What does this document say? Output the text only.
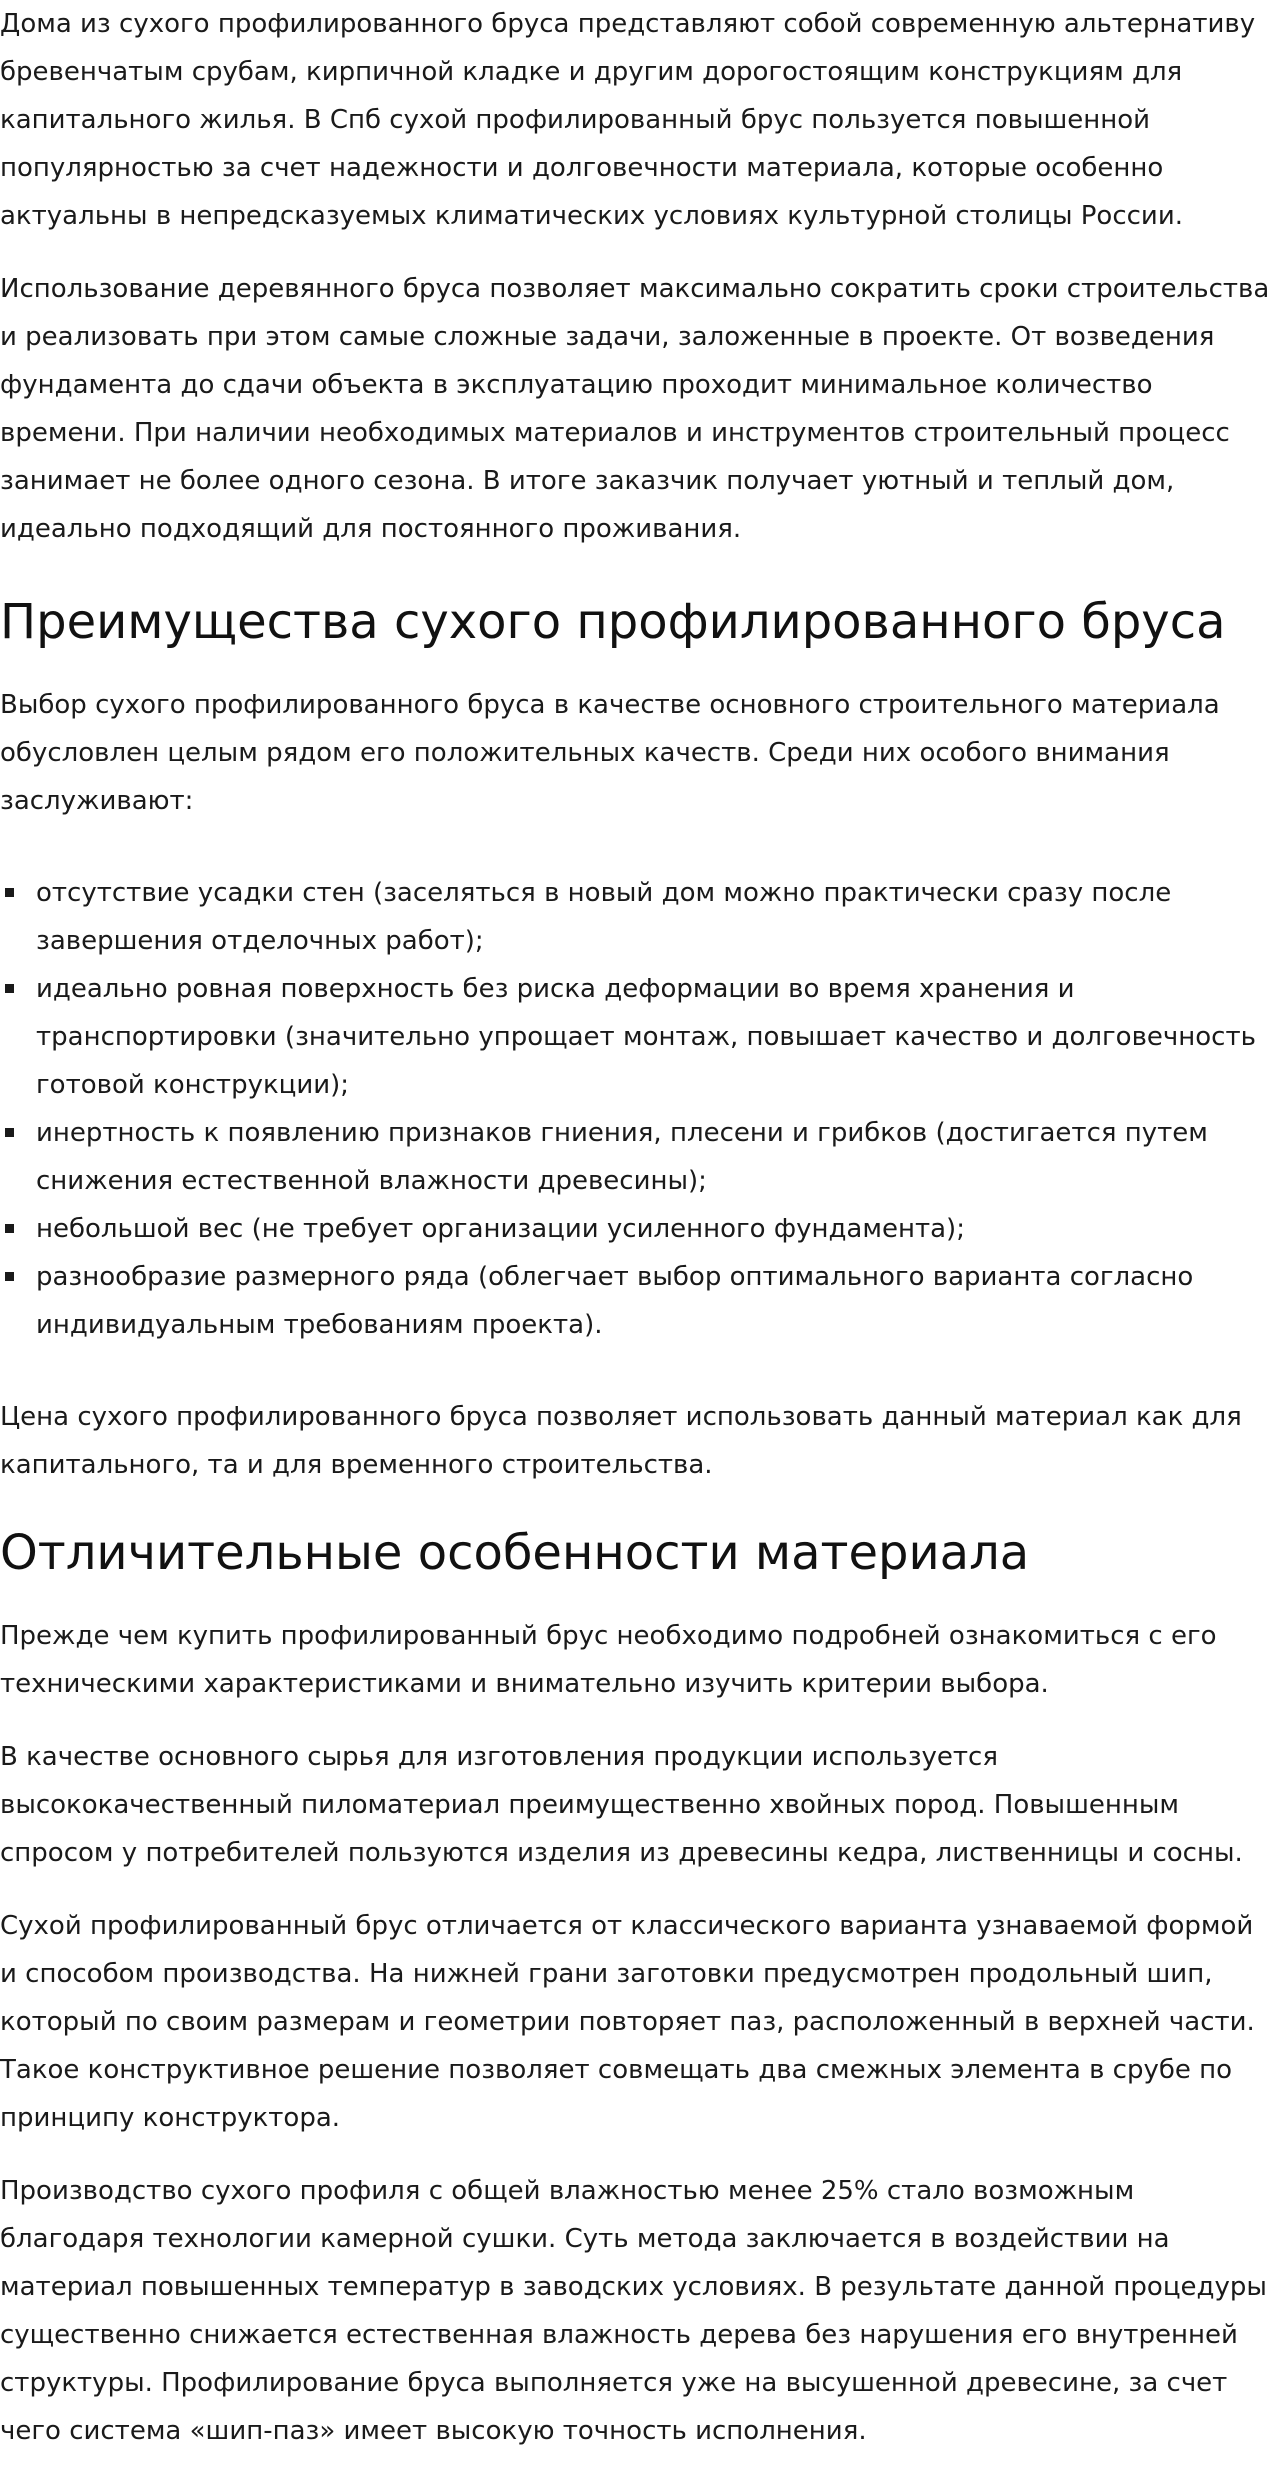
Дома из сухого профилированного бруса представляют собой современную альтернативу бревенчатым срубам, кирпичной кладке и другим дорогостоящим конструкциям для капитального жилья. В Спб сухой профилированный брус пользуется повышенной популярностью за счет надежности и долговечности материала, которые особенно актуальны в непредсказуемых климатических условиях культурной столицы России.

Использование деревянного бруса позволяет максимально сократить сроки строительства и реализовать при этом самые сложные задачи, заложенные в проекте. От возведения фундамента до сдачи объекта в эксплуатацию проходит минимальное количество времени. При наличии необходимых материалов и инструментов строительный процесс занимает не более одного сезона. В итоге заказчик получает уютный и теплый дом, идеально подходящий для постоянного проживания.

Преимущества сухого профилированного бруса

Выбор сухого профилированного бруса в качестве основного строительного материала обусловлен целым рядом его положительных качеств. Среди них особого внимания заслуживают:

отсутствие усадки стен (заселяться в новый дом можно практически сразу после завершения отделочных работ);
идеально ровная поверхность без риска деформации во время хранения и транспортировки (значительно упрощает монтаж, повышает качество и долговечность готовой конструкции);
инертность к появлению признаков гниения, плесени и грибков (достигается путем снижения естественной влажности древесины);
небольшой вес (не требует организации усиленного фундамента);
разнообразие размерного ряда (облегчает выбор оптимального варианта согласно индивидуальным требованиям проекта).

Цена сухого профилированного бруса позволяет использовать данный материал как для капитального, та и для временного строительства.

Отличительные особенности материала

Прежде чем купить профилированный брус необходимо подробней ознакомиться с его техническими характеристиками и внимательно изучить критерии выбора.

В качестве основного сырья для изготовления продукции используется высококачественный пиломатериал преимущественно хвойных пород. Повышенным спросом у потребителей пользуются изделия из древесины кедра, лиственницы и сосны.

Сухой профилированный брус отличается от классического варианта узнаваемой формой и способом производства. На нижней грани заготовки предусмотрен продольный шип, который по своим размерам и геометрии повторяет паз, расположенный в верхней части. Такое конструктивное решение позволяет совмещать два смежных элемента в срубе по принципу конструктора.

Производство сухого профиля с общей влажностью менее 25% стало возможным благодаря технологии камерной сушки. Суть метода заключается в воздействии на материал повышенных температур в заводских условиях. В результате данной процедуры существенно снижается естественная влажность дерева без нарушения его внутренней структуры. Профилирование бруса выполняется уже на высушенной древесине, за счет чего система «шип-паз» имеет высокую точность исполнения.
